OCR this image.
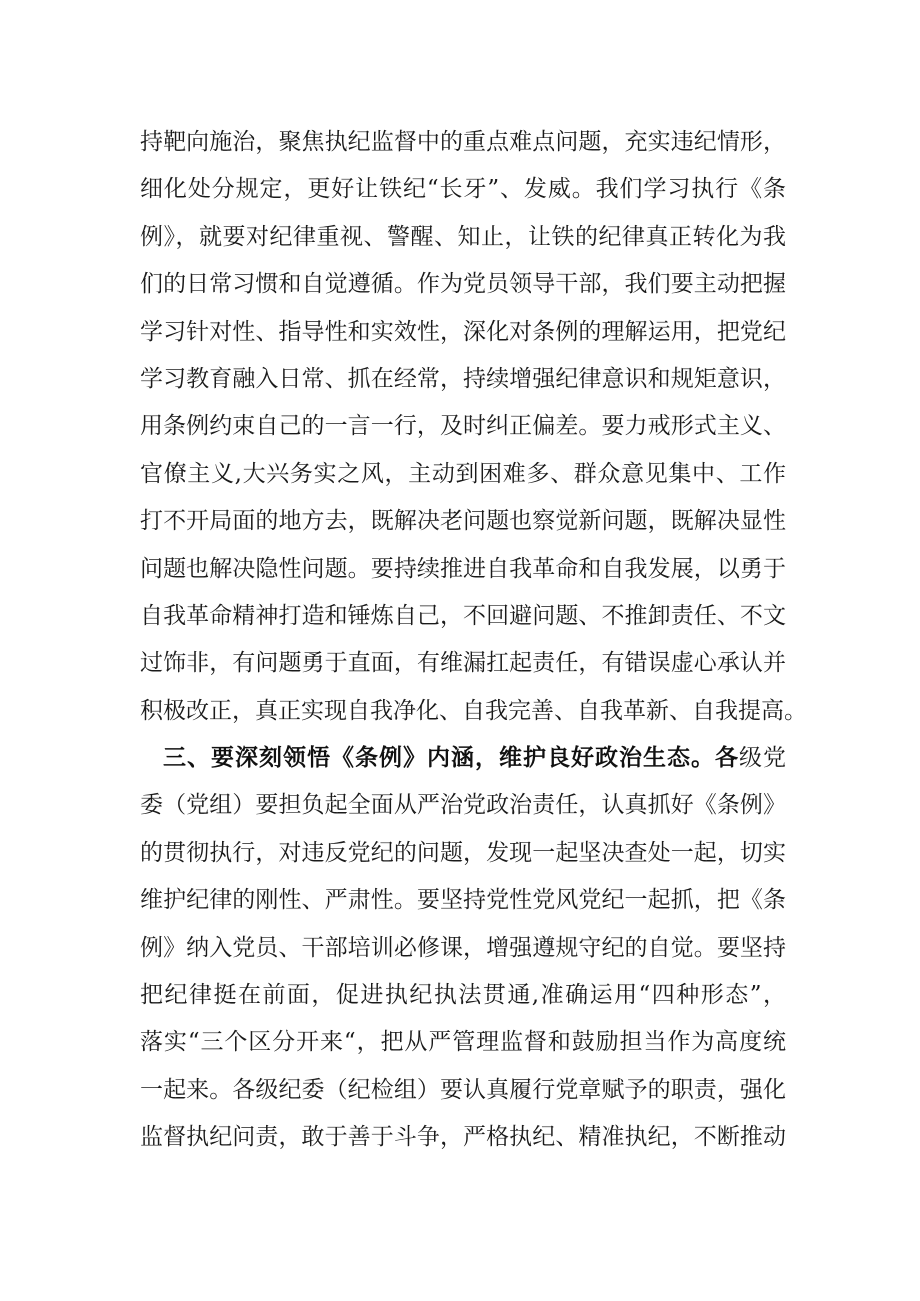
持靶向施治，聚焦执纪监督中的重点难点问题，充实违纪情形，
细化处分规定，更好让铁纪“长牙”、发威。我们学习执行《条
例》，就要对纪律重视、警醒、知止，让铁的纪律真正转化为我
们的日常习惯和自觉遵循。作为党员领导干部，我们要主动把握
学习针对性、指导性和实效性，深化对条例的理解运用，把党纪
学习教育融入日常、抓在经常，持续增强纪律意识和规矩意识，
用条例约束自己的一言一行，及时纠正偏差。要力戒形式主义、
官僚主义,大兴务实之风，主动到困难多、群众意见集中、工作
打不开局面的地方去，既解决老问题也察觉新问题，既解决显性
问题也解决隐性问题。要持续推进自我革命和自我发展，以勇于
自我革命精神打造和锤炼自己，不回避问题、不推卸责任、不文
过饰非，有问题勇于直面，有维漏扛起责任，有错误虚心承认并
积极改正，真正实现自我净化、自我完善、自我革新、自我提高。
三、要深刻领悟《条例》内涵，维护良好政治生态。各级党
委（党组）要担负起全面从严治党政治责任，认真抓好《条例》
的贯彻执行，对违反党纪的问题，发现一起坚决查处一起，切实
维护纪律的刚性、严肃性。要坚持党性党风党纪一起抓，把《条
例》纳入党员、干部培训必修课，增强遵规守纪的自觉。要坚持
把纪律挺在前面，促进执纪执法贯通,准确运用“四种形态”，
落实“三个区分开来“，把从严管理监督和鼓励担当作为高度统
一起来。各级纪委（纪检组）要认真履行党章赋予的职责，强化
监督执纪问责，敢于善于斗争，严格执纪、精准执纪，不断推动
